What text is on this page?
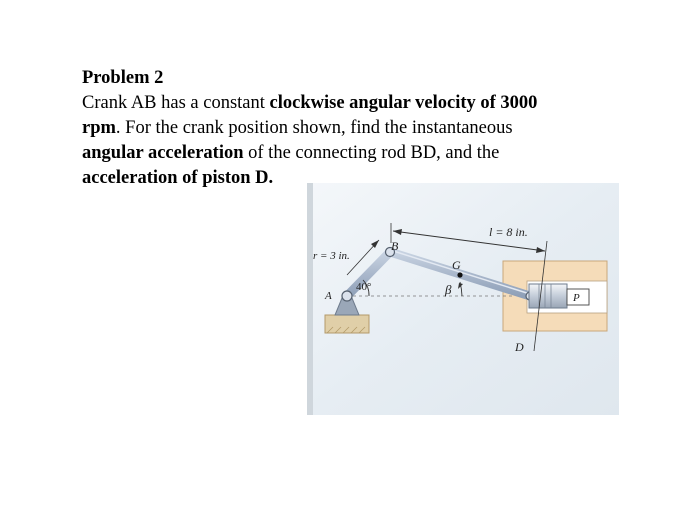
Problem 2
Crank AB has a constant clockwise angular velocity of 3000
rpm. For the crank position shown, find the instantaneous
angular acceleration of the connecting rod BD, and the
acceleration of piston D.
l = 8 in.
r = 3 in.
B
G
40°	β
A	P
D
